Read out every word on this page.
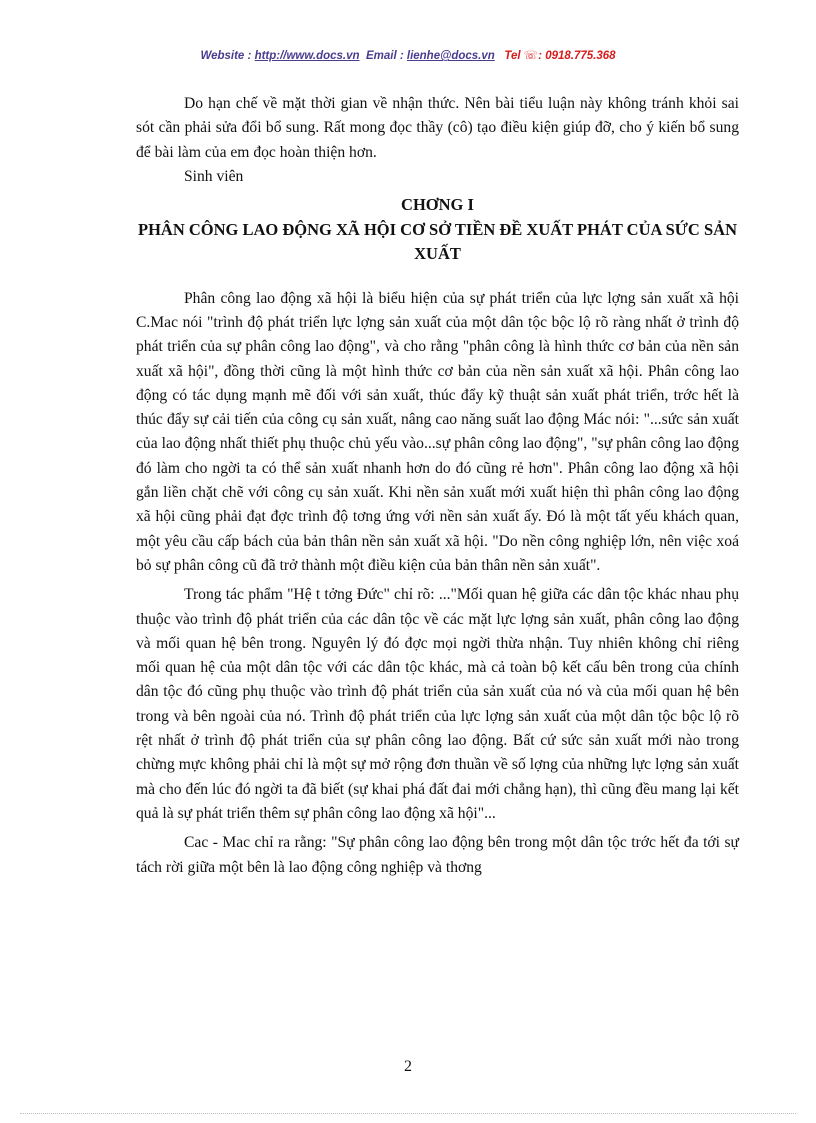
Website : http://www.docs.vn Email : lienhe@docs.vn Tel ☏: 0918.775.368

Do hạn chế về mặt thời gian về nhận thức. Nên bài tiểu luận này không tránh khỏi sai sót cần phải sửa đổi bổ sung. Rất mong đọc thầy (cô) tạo điều kiện giúp đỡ, cho ý kiến bổ sung để bài làm của em đọc hoàn thiện hơn.

Sinh viên

CHƠNG I
PHÂN CÔNG LAO ĐỘNG XÃ HỘI CƠ SỞ TIỀN ĐỀ XUẤT PHÁT CỦA SỨC SẢN XUẤT

Phân công lao động xã hội là biểu hiện của sự phát triển của lực lợng sản xuất xã hội C.Mac nói "trình độ phát triển lực lợng sản xuất của một dân tộc bộc lộ rõ ràng nhất ở trình độ phát triển của sự phân công lao động", và cho rằng "phân công là hình thức cơ bản của nền sản xuất xã hội", đồng thời cũng là một hình thức cơ bản của nền sản xuất xã hội. Phân công lao động có tác dụng mạnh mẽ đối với sản xuất, thúc đẩy kỹ thuật sản xuất phát triển, trớc hết là thúc đẩy sự cải tiến của công cụ sản xuất, nâng cao năng suất lao động Mác nói: "...sức sản xuất của lao động nhất thiết phụ thuộc chủ yếu vào...sự phân công lao động", "sự phân công lao động đó làm cho ngời ta có thể sản xuất nhanh hơn do đó cũng rẻ hơn". Phân công lao động xã hội gắn liền chặt chẽ với công cụ sản xuất. Khi nền sản xuất mới xuất hiện thì phân công lao động xã hội cũng phải đạt đợc trình độ tơng ứng với nền sản xuất ấy. Đó là một tất yếu khách quan, một yêu cầu cấp bách của bản thân nền sản xuất xã hội. "Do nền công nghiệp lớn, nên việc xoá bỏ sự phân công cũ đã trở thành một điều kiện của bản thân nền sản xuất".

Trong tác phẩm "Hệ t tởng Đức" chỉ rõ: ..."Mối quan hệ giữa các dân tộc khác nhau phụ thuộc vào trình độ phát triển của các dân tộc về các mặt lực lợng sản xuất, phân công lao động và mối quan hệ bên trong. Nguyên lý đó đợc mọi ngời thừa nhận. Tuy nhiên không chỉ riêng mối quan hệ của một dân tộc với các dân tộc khác, mà cả toàn bộ kết cấu bên trong của chính dân tộc đó cũng phụ thuộc vào trình độ phát triển của sản xuất của nó và của mối quan hệ bên trong và bên ngoài của nó. Trình độ phát triển của lực lợng sản xuất của một dân tộc bộc lộ rõ rệt nhất ở trình độ phát triển của sự phân công lao động. Bất cứ sức sản xuất mới nào trong chừng mực không phải chỉ là một sự mở rộng đơn thuần về số lợng của những lực lợng sản xuất mà cho đến lúc đó ngời ta đã biết (sự khai phá đất đai mới chẳng hạn), thì cũng đều mang lại kết quả là sự phát triển thêm sự phân công lao động xã hội"...

Cac - Mac chỉ ra rằng: "Sự phân công lao động bên trong một dân tộc trớc hết đa tới sự tách rời giữa một bên là lao động công nghiệp và thơng

2
